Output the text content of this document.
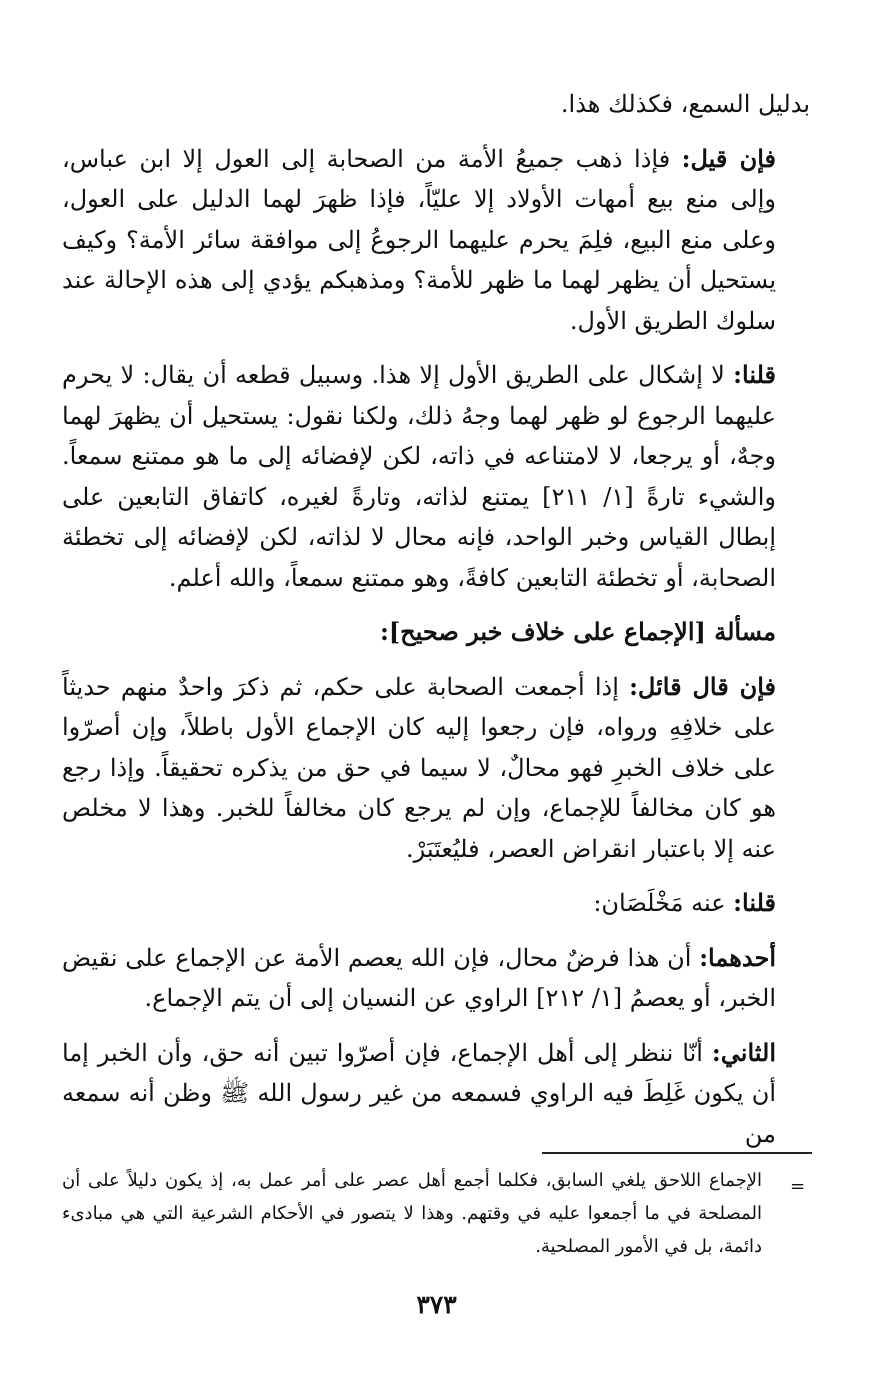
بدليل السمع، فكذلك هذا.

فإن قيل: فإذا ذهب جميعُ الأمة من الصحابة إلى العول إلا ابن عباس، وإلى منع بيع أمهات الأولاد إلا عليّاً، فإذا ظهرَ لهما الدليل على العول، وعلى منع البيع، فلِمَ يحرم عليهما الرجوعُ إلى موافقة سائر الأمة؟ وكيف يستحيل أن يظهر لهما ما ظهر للأمة؟ ومذهبكم يؤدي إلى هذه الإحالة عند سلوك الطريق الأول.

قلنا: لا إشكال على الطريق الأول إلا هذا. وسبيل قطعه أن يقال: لا يحرم عليهما الرجوع لو ظهر لهما وجهُ ذلك، ولكنا نقول: يستحيل أن يظهرَ لهما وجهٌ، أو يرجعا، لا لامتناعه في ذاته، لكن لإفضائه إلى ما هو ممتنع سمعاً. والشيء تارةً [١/ ٢١١] يمتنع لذاته، وتارةً لغيره، كاتفاق التابعين على إبطال القياس وخبر الواحد، فإنه محال لا لذاته، لكن لإفضائه إلى تخطئة الصحابة، أو تخطئة التابعين كافةً، وهو ممتنع سمعاً، والله أعلم.

مسألة [الإجماع على خلاف خبر صحيح]:

فإن قال قائل: إذا أجمعت الصحابة على حكم، ثم ذكرَ واحدٌ منهم حديثاً على خلافِهِ ورواه، فإن رجعوا إليه كان الإجماع الأول باطلاً، وإن أصرّوا على خلاف الخبرِ فهو محالٌ، لا سيما في حق من يذكره تحقيقاً. وإذا رجع هو كان مخالفاً للإجماع، وإن لم يرجع كان مخالفاً للخبر. وهذا لا مخلص عنه إلا باعتبار انقراض العصر، فليُعتَبَرْ.

قلنا: عنه مَخْلَصَان:

أحدهما: أن هذا فرضٌ محال، فإن الله يعصم الأمة عن الإجماع على نقيض الخبر، أو يعصمُ [١/ ٢١٢] الراوي عن النسيان إلى أن يتم الإجماع.

الثاني: أنّا ننظر إلى أهل الإجماع، فإن أصرّوا تبين أنه حق، وأن الخبر إما أن يكون غَلِطَ فيه الراوي فسمعه من غير رسول الله ﷺ وظن أنه سمعه من

=
الإجماع اللاحق يلغي السابق، فكلما أجمع أهل عصر على أمر عمل به، إذ يكون دليلاً على أن المصلحة في ما أجمعوا عليه في وقتهم. وهذا لا يتصور في الأحكام الشرعية التي هي مبادىء دائمة، بل في الأمور المصلحية.
٣٧٣
